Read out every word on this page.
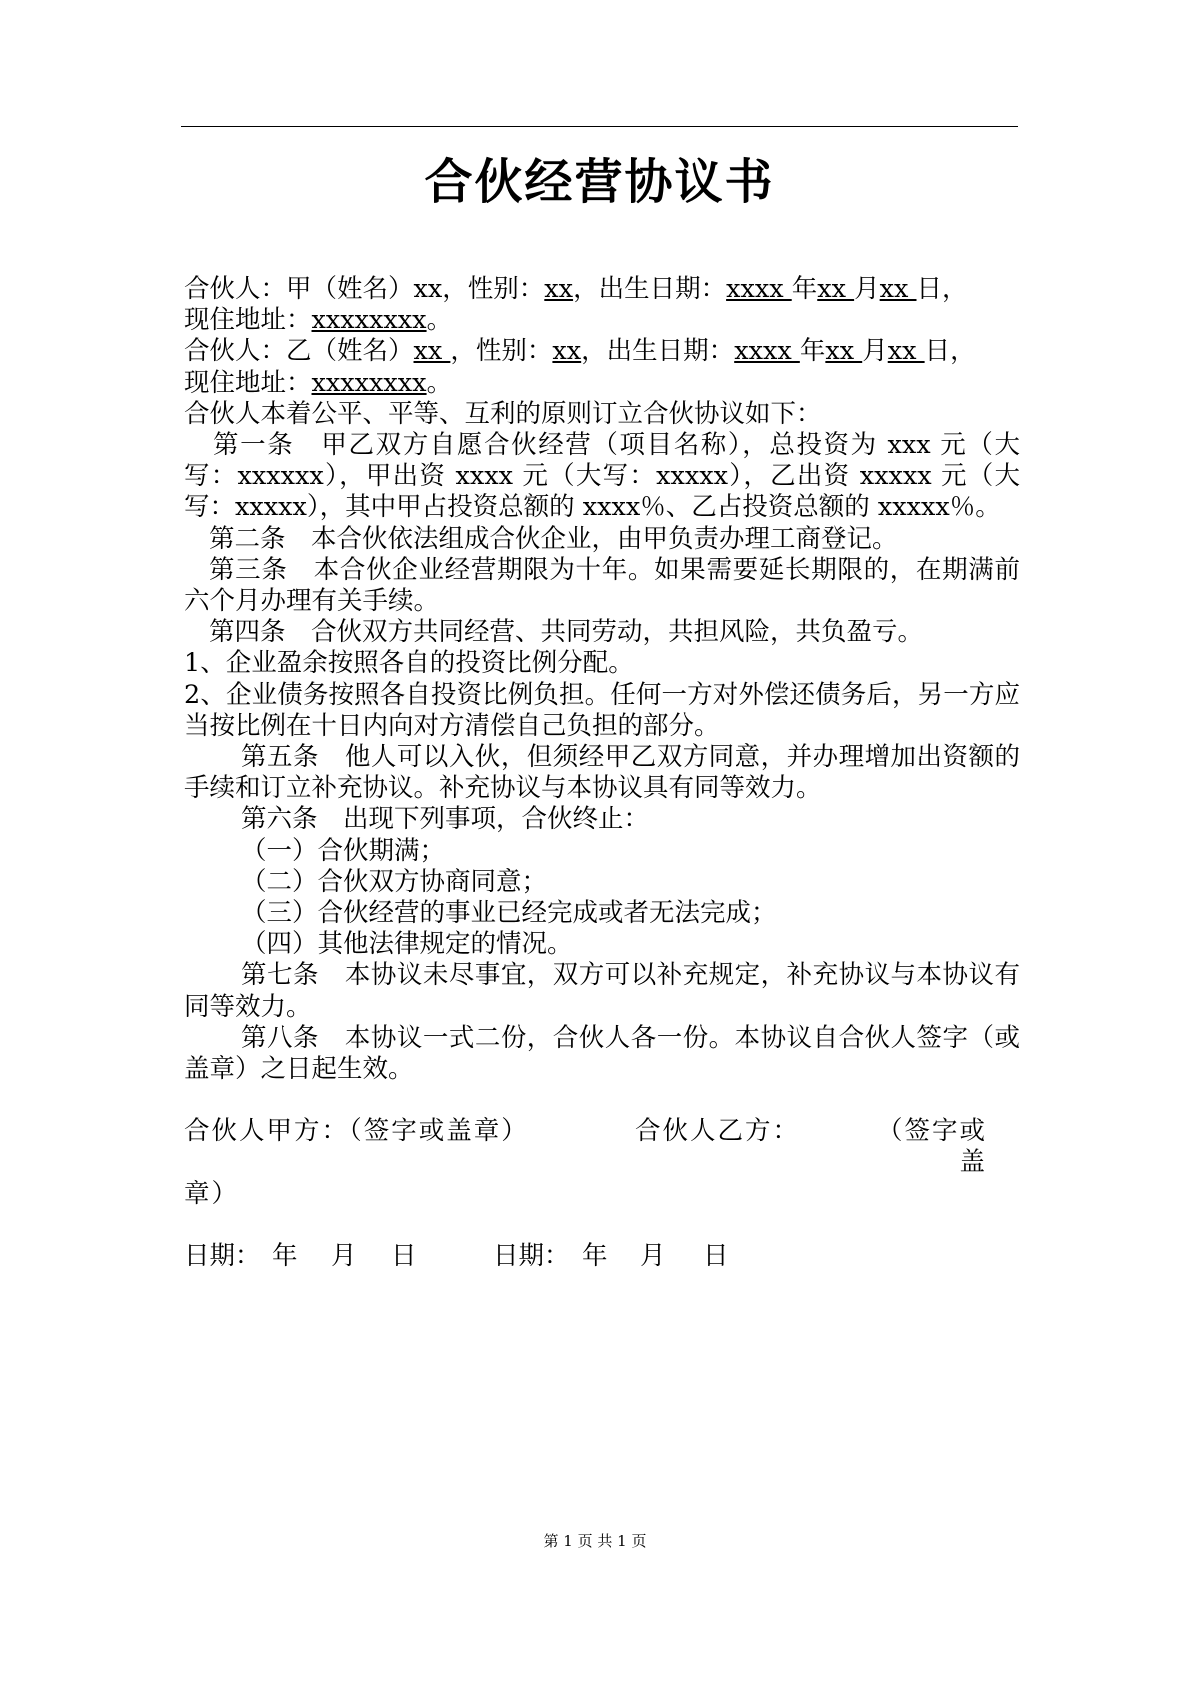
合伙经营协议书

合伙人：甲（姓名）xx，性别：xx，出生日期：xxxx 年xx 月xx 日，
现住地址：xxxxxxxx。

合伙人：乙（姓名）xx ，性别：xx，出生日期：xxxx 年xx 月xx 日，
现住地址：xxxxxxxx。

合伙人本着公平、平等、互利的原则订立合伙协议如下：

第一条　甲乙双方自愿合伙经营（项目名称），总投资为 xxx 元（大写：xxxxxx），甲出资 xxxx 元（大写：xxxxx），乙出资 xxxxx 元（大写：xxxxx），其中甲占投资总额的 xxxx％、乙占投资总额的 xxxxx％。

第二条　本合伙依法组成合伙企业，由甲负责办理工商登记。

第三条　本合伙企业经营期限为十年。如果需要延长期限的，在期满前六个月办理有关手续。

第四条　合伙双方共同经营、共同劳动，共担风险，共负盈亏。

1、企业盈余按照各自的投资比例分配。

2、企业债务按照各自投资比例负担。任何一方对外偿还债务后，另一方应当按比例在十日内向对方清偿自己负担的部分。

第五条　他人可以入伙，但须经甲乙双方同意，并办理增加出资额的手续和订立补充协议。补充协议与本协议具有同等效力。

第六条　出现下列事项，合伙终止：

（一）合伙期满；

（二）合伙双方协商同意；

（三）合伙经营的事业已经完成或者无法完成；

（四）其他法律规定的情况。

第七条　本协议未尽事宜，双方可以补充规定，补充协议与本协议有同等效力。

第八条　本协议一式二份，合伙人各一份。本协议自合伙人签字（或盖章）之日起生效。

合伙人甲方：（签字或盖章）	合伙人乙方：	（签字或盖
章）
日期： 年	月	日	日期： 年	月	日
第 1 页 共 1 页
